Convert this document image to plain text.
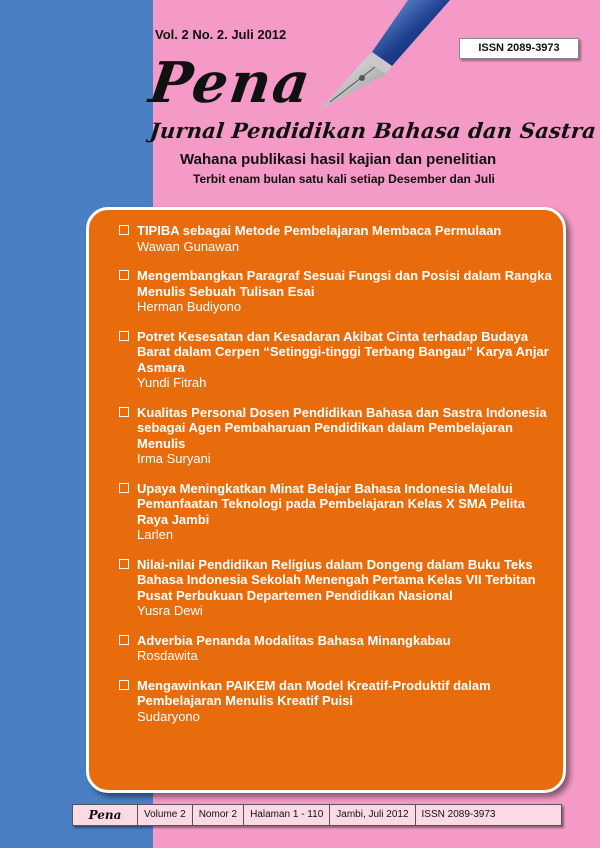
Vol. 2 No. 2. Juli 2012
ISSN 2089-3973
Pena
Jurnal Pendidikan Bahasa dan Sastra
Wahana publikasi hasil kajian dan penelitian
Terbit enam bulan satu kali setiap Desember dan Juli

TIPIBA sebagai Metode Pembelajaran Membaca Permulaan

Wawan Gunawan

Mengembangkan Paragraf Sesuai Fungsi dan Posisi dalam Rangka Menulis Sebuah Tulisan Esai

Herman Budiyono

Potret Kesesatan dan Kesadaran Akibat Cinta terhadap Budaya Barat dalam Cerpen “Setinggi-tinggi Terbang Bangau” Karya Anjar Asmara

Yundi Fitrah

Kualitas Personal Dosen Pendidikan Bahasa dan Sastra Indonesia sebagai Agen Pembaharuan Pendidikan dalam Pembelajaran Menulis

Irma Suryani

Upaya Meningkatkan Minat Belajar Bahasa Indonesia Melalui Pemanfaatan Teknologi pada Pembelajaran Kelas X SMA Pelita Raya Jambi

Larlen

Nilai-nilai Pendidikan Religius dalam Dongeng dalam Buku Teks Bahasa Indonesia Sekolah Menengah Pertama Kelas VII Terbitan Pusat Perbukuan Departemen Pendidikan Nasional

Yusra Dewi

Adverbia Penanda Modalitas Bahasa Minangkabau

Rosdawita

Mengawinkan PAIKEM dan Model Kreatif-Produktif dalam Pembelajaran Menulis Kreatif Puisi

Sudaryono

Pena	Volume 2	Nomor 2	Halaman 1 - 110	Jambi, Juli 2012	ISSN 2089-3973
